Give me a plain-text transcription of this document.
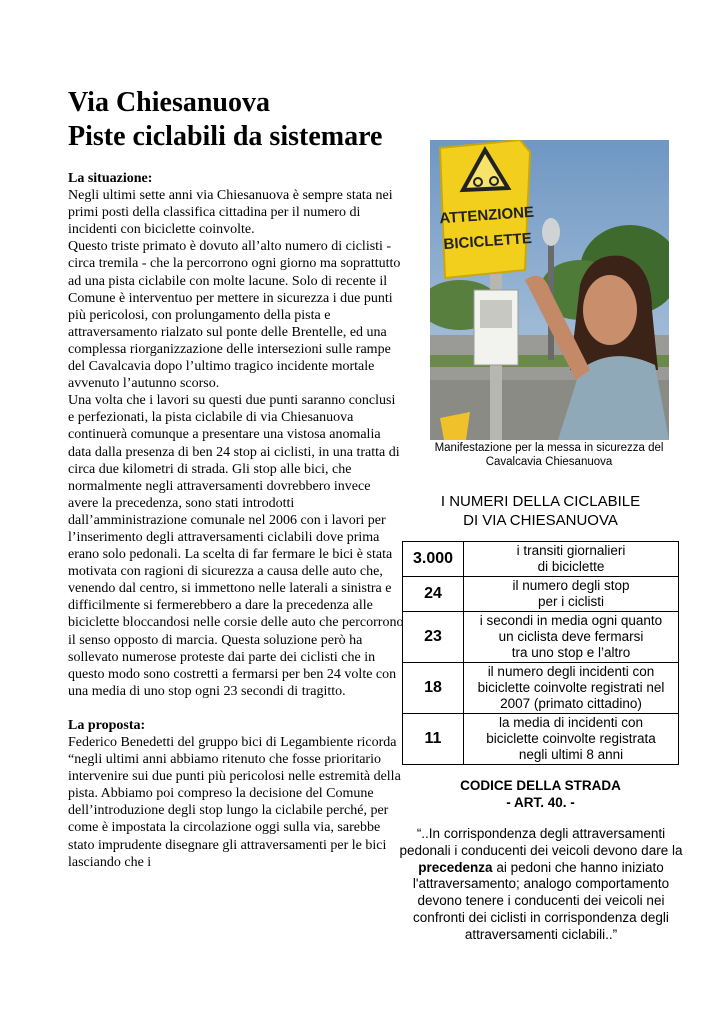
Via Chiesanuova
Piste ciclabili da sistemare
La situazione:

Negli ultimi sette anni via Chiesanuova è sempre stata nei primi posti della classifica cittadina per il numero di incidenti con biciclette coinvolte.

Questo triste primato è dovuto all’alto numero di ciclisti - circa tremila - che la percorrono ogni giorno ma soprattutto ad una pista ciclabile con molte lacune. Solo di recente il Comune è interventuo per mettere in sicurezza i due punti più pericolosi, con prolungamento della pista e attraversamento rialzato sul ponte delle Brentelle, ed una complessa riorganizzazione delle intersezioni sulle rampe del Cavalcavia dopo l’ultimo tragico incidente mortale avvenuto l’autunno scorso.

Una volta che i lavori su questi due punti saranno conclusi e perfezionati, la pista ciclabile di via Chiesanuova continuerà comunque a presentare una vistosa anomalia data dalla presenza di ben 24 stop ai ciclisti, in una tratta di circa due kilometri di strada. Gli stop alle bici, che normalmente negli attraversamenti dovrebbero invece avere la precedenza, sono stati introdotti dall’amministrazione comunale nel 2006 con i lavori per l’inserimento degli attraversamenti ciclabili dove prima erano solo pedonali. La scelta di far fermare le bici è stata motivata con ragioni di sicurezza a causa delle auto che, venendo dal centro, si immettono nelle laterali a sinistra e difficilmente si fermerebbero a dare la precedenza alle biciclette bloccandosi nelle corsie delle auto che percorrono il senso opposto di marcia. Questa soluzione però ha sollevato numerose proteste dai parte dei ciclisti che in questo modo sono costretti a fermarsi per ben 24 volte con una media di uno stop ogni 23 secondi di tragitto.

La proposta:

Federico Benedetti del gruppo bici di Legambiente ricorda “negli ultimi anni abbiamo ritenuto che fosse prioritario intervenire sui due punti più pericolosi nelle estremità della pista. Abbiamo poi compreso la decisione del Comune dell’introduzione degli stop lungo la ciclabile perché, per come è impostata la circolazione oggi sulla via, sarebbe stato imprudente disegnare gli attraversamenti per le bici lasciando che i

ATTENZIONE
BICICLETTE
Manifestazione per la messa in sicurezza del Cavalcavia Chiesanuova
I NUMERI DELLA CICLABILE
DI VIA CHIESANUOVA
3.000	i transiti giornalieri
di biciclette
24	il numero degli stop
per i ciclisti
23	i secondi in media ogni quanto
un ciclista deve fermarsi
tra uno stop e l’altro
18	il numero degli incidenti con
biciclette coinvolte registrati nel
2007 (primato cittadino)
11	la media di incidenti con
biciclette coinvolte registrata
negli ultimi 8 anni
CODICE DELLA STRADA
- ART. 40. -
“..In corrispondenza degli attraversamenti pedonali i conducenti dei veicoli devono dare la precedenza ai pedoni che hanno iniziato l'attraversamento; analogo comportamento devono tenere i conducenti dei veicoli nei confronti dei ciclisti in corrispondenza degli attraversamenti ciclabili..”
